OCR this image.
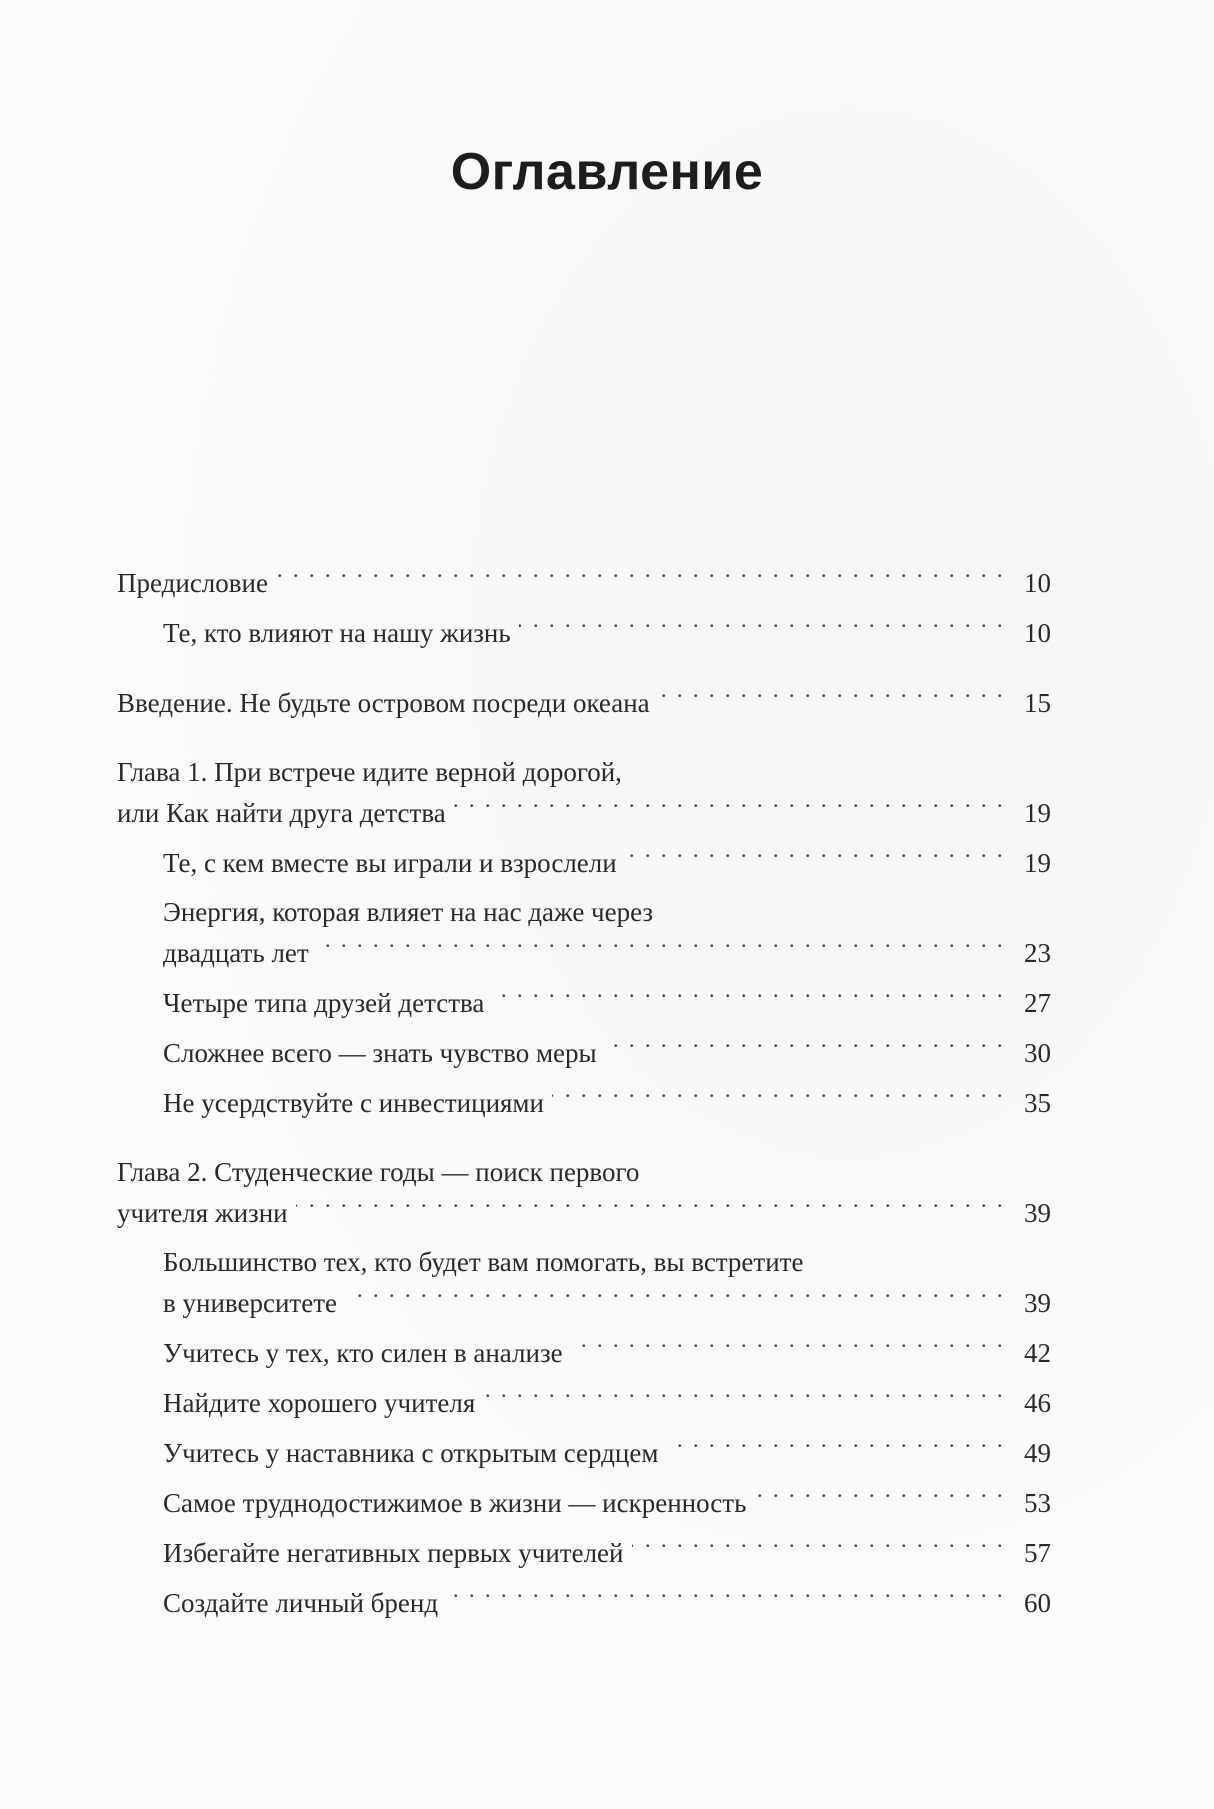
Оглавление
Предисловие . . .	10
Те, кто влияют на нашу жизнь . . .	10
Введение. Не будьте островом посреди океана . . .	15
Глава 1. При встрече идите верной дорогой,
или Как найти друга детства . . .	19
Те, с кем вместе вы играли и взрослели . . .	19
Энергия, которая влияет на нас даже через
двадцать лет . . .	23
Четыре типа друзей детства . . .	27
Сложнее всего — знать чувство меры . . .	30
Не усердствуйте с инвестициями . . .	35
Глава 2. Студенческие годы — поиск первого
учителя жизни . . .	39
Большинство тех, кто будет вам помогать, вы встретите
в университете . . .	39
Учитесь у тех, кто силен в анализе . . .	42
Найдите хорошего учителя . . .	46
Учитесь у наставника с открытым сердцем . . .	49
Самое труднодостижимое в жизни — искренность . . .	53
Избегайте негативных первых учителей . . .	57
Создайте личный бренд . . .	60
